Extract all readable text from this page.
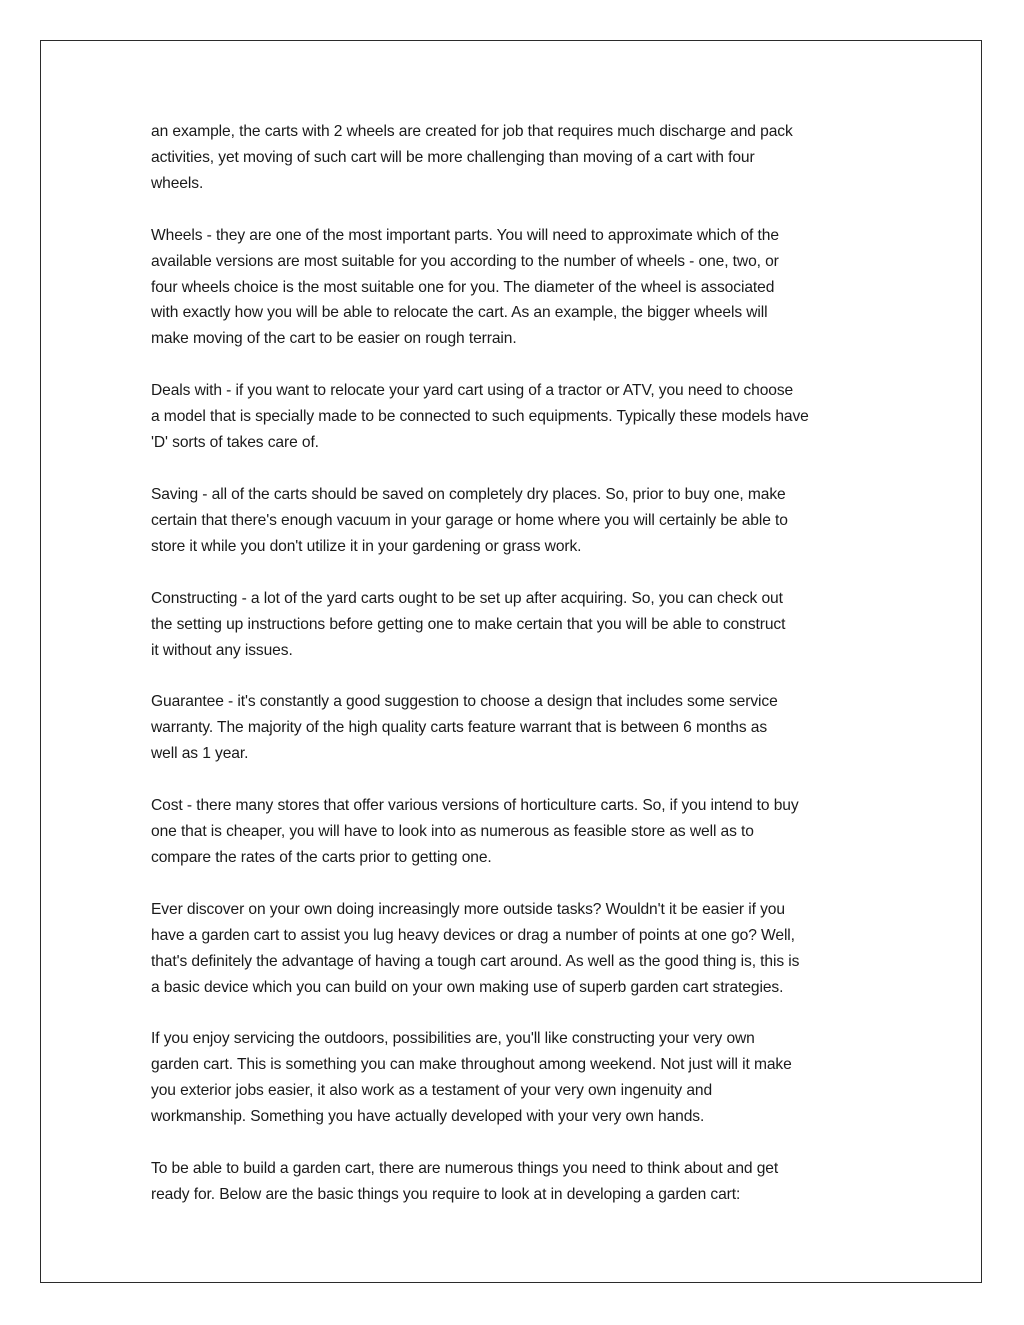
an example, the carts with 2 wheels are created for job that requires much discharge and pack
activities, yet moving of such cart will be more challenging than moving of a cart with four
wheels.

Wheels - they are one of the most important parts. You will need to approximate which of the
available versions are most suitable for you according to the number of wheels - one, two, or
four wheels choice is the most suitable one for you. The diameter of the wheel is associated
with exactly how you will be able to relocate the cart. As an example, the bigger wheels will
make moving of the cart to be easier on rough terrain.

Deals with - if you want to relocate your yard cart using of a tractor or ATV, you need to choose
a model that is specially made to be connected to such equipments. Typically these models have
'D' sorts of takes care of.

Saving - all of the carts should be saved on completely dry places. So, prior to buy one, make
certain that there's enough vacuum in your garage or home where you will certainly be able to
store it while you don't utilize it in your gardening or grass work.

Constructing - a lot of the yard carts ought to be set up after acquiring. So, you can check out
the setting up instructions before getting one to make certain that you will be able to construct
it without any issues.

Guarantee - it's constantly a good suggestion to choose a design that includes some service
warranty. The majority of the high quality carts feature warrant that is between 6 months as
well as 1 year.

Cost - there many stores that offer various versions of horticulture carts. So, if you intend to buy
one that is cheaper, you will have to look into as numerous as feasible store as well as to
compare the rates of the carts prior to getting one.

Ever discover on your own doing increasingly more outside tasks? Wouldn't it be easier if you
have a garden cart to assist you lug heavy devices or drag a number of points at one go? Well,
that's definitely the advantage of having a tough cart around. As well as the good thing is, this is
a basic device which you can build on your own making use of superb garden cart strategies.

If you enjoy servicing the outdoors, possibilities are, you'll like constructing your very own
garden cart. This is something you can make throughout among weekend. Not just will it make
you exterior jobs easier, it also work as a testament of your very own ingenuity and
workmanship. Something you have actually developed with your very own hands.

To be able to build a garden cart, there are numerous things you need to think about and get
ready for. Below are the basic things you require to look at in developing a garden cart:
